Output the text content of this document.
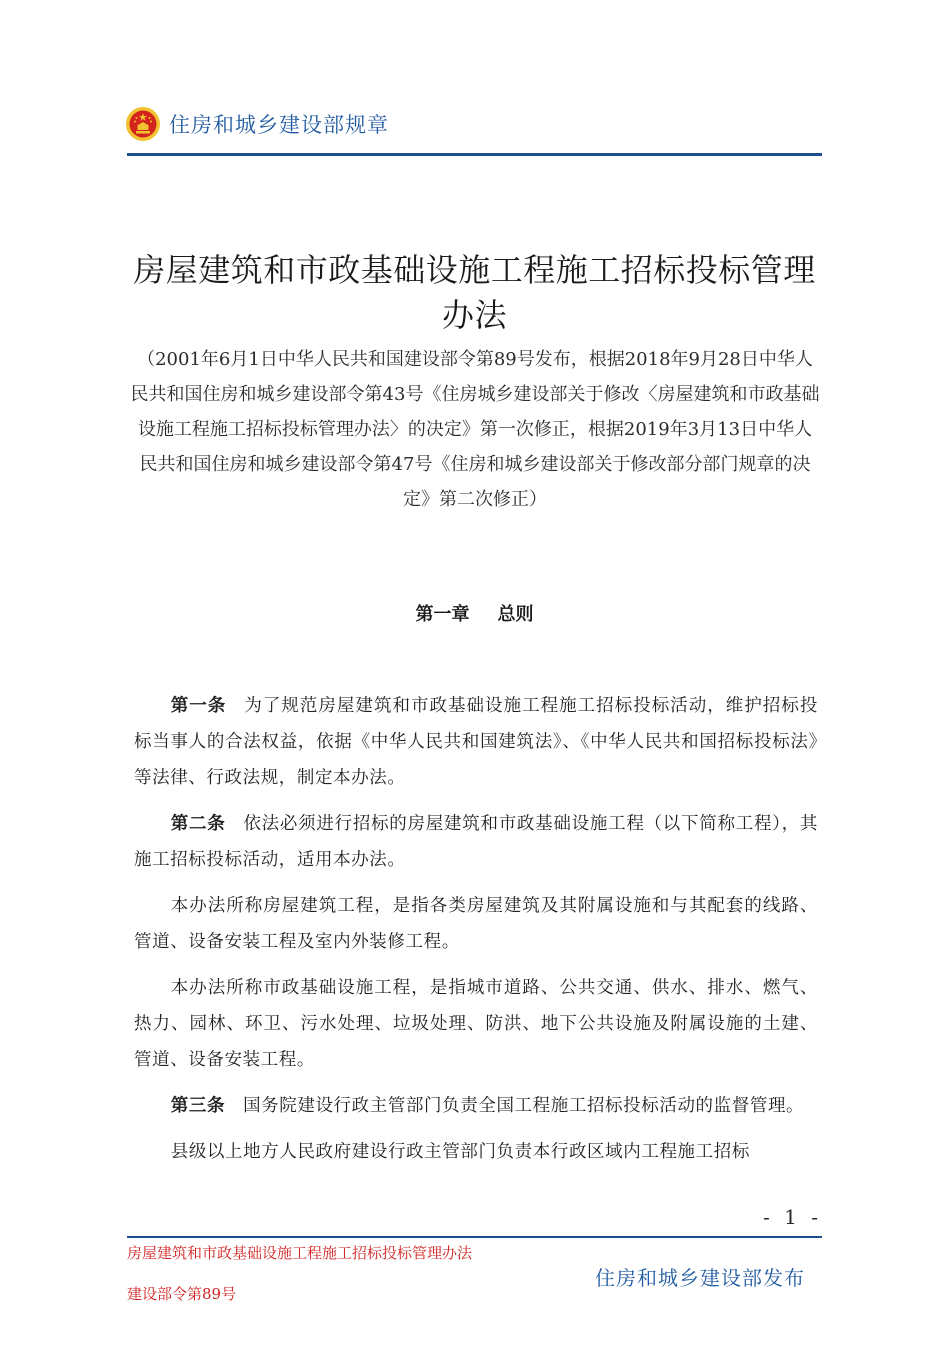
住房和城乡建设部规章
房屋建筑和市政基础设施工程施工招标投标管理办法
（2001年6月1日中华人民共和国建设部令第89号发布，根据2018年9月28日中华人民共和国住房和城乡建设部令第43号《住房城乡建设部关于修改〈房屋建筑和市政基础设施工程施工招标投标管理办法〉的决定》第一次修正，根据2019年3月13日中华人民共和国住房和城乡建设部令第47号《住房和城乡建设部关于修改部分部门规章的决定》第二次修正）
第一章 总则

第一条 为了规范房屋建筑和市政基础设施工程施工招标投标活动，维护招标投标当事人的合法权益，依据《中华人民共和国建筑法》、《中华人民共和国招标投标法》等法律、行政法规，制定本办法。

第二条 依法必须进行招标的房屋建筑和市政基础设施工程（以下简称工程），其施工招标投标活动，适用本办法。

本办法所称房屋建筑工程，是指各类房屋建筑及其附属设施和与其配套的线路、管道、设备安装工程及室内外装修工程。

本办法所称市政基础设施工程，是指城市道路、公共交通、供水、排水、燃气、热力、园林、环卫、污水处理、垃圾处理、防洪、地下公共设施及附属设施的土建、管道、设备安装工程。

第三条 国务院建设行政主管部门负责全国工程施工招标投标活动的监督管理。

县级以上地方人民政府建设行政主管部门负责本行政区域内工程施工招标

- 1 -
房屋建筑和市政基础设施工程施工招标投标管理办法
建设部令第89号
住房和城乡建设部发布
